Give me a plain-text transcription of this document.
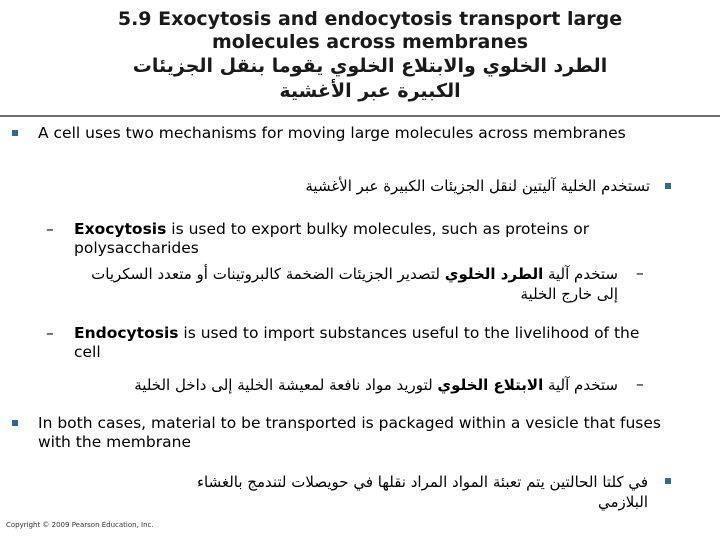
5.9 Exocytosis and endocytosis transport large
molecules across membranes
الطرد الخلوي والابتلاع الخلوي يقوما بنقل الجزيئات
الكبيرة عبر الأغشية
A cell uses two mechanisms for moving large molecules across membranes
تستخدم الخلية آليتين لنقل الجزيئات الكبيرة عبر الأغشية
– Exocytosis is used to export bulky molecules, such as proteins or polysaccharides
–
ستخدم آلية الطرد الخلوي لتصدير الجزيئات الضخمة كالبروتينات أو متعدد السكريات إلى خارج الخلية
– Endocytosis is used to import substances useful to the livelihood of the cell
–
ستخدم آلية الابتلاع الخلوي لتوريد مواد نافعة لمعيشة الخلية إلى داخل الخلية
In both cases, material to be transported is packaged within a vesicle that fuses with the membrane
في كلتا الحالتين يتم تعبئة المواد المراد نقلها في حويصلات لتندمج بالغشاء البلازمي
Copyright © 2009 Pearson Education, Inc.
